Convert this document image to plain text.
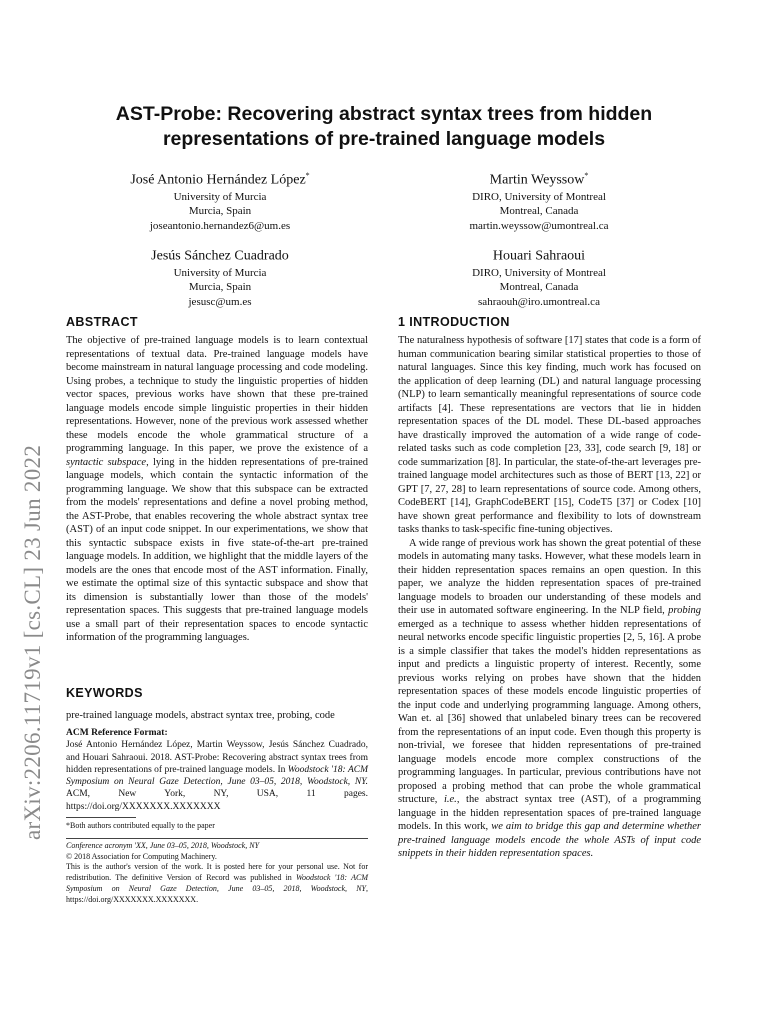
arXiv:2206.11719v1 [cs.CL] 23 Jun 2022
AST-Probe: Recovering abstract syntax trees from hidden representations of pre-trained language models
José Antonio Hernández López*
University of Murcia
Murcia, Spain
joseantonio.hernandez6@um.es
Martin Weyssow*
DIRO, University of Montreal
Montreal, Canada
martin.weyssow@umontreal.ca
Jesús Sánchez Cuadrado
University of Murcia
Murcia, Spain
jesusc@um.es
Houari Sahraoui
DIRO, University of Montreal
Montreal, Canada
sahraouh@iro.umontreal.ca
ABSTRACT

The objective of pre-trained language models is to learn contextual representations of textual data. Pre-trained language models have become mainstream in natural language processing and code modeling. Using probes, a technique to study the linguistic properties of hidden vector spaces, previous works have shown that these pre-trained language models encode simple linguistic properties in their hidden representations. However, none of the previous work assessed whether these models encode the whole grammatical structure of a programming language. In this paper, we prove the existence of a syntactic subspace, lying in the hidden representations of pre-trained language models, which contain the syntactic information of the programming language. We show that this subspace can be extracted from the models' representations and define a novel probing method, the AST-Probe, that enables recovering the whole abstract syntax tree (AST) of an input code snippet. In our experimentations, we show that this syntactic subspace exists in five state-of-the-art pre-trained language models. In addition, we highlight that the middle layers of the models are the ones that encode most of the AST information. Finally, we estimate the optimal size of this syntactic subspace and show that its dimension is substantially lower than those of the models' representation spaces. This suggests that pre-trained language models use a small part of their representation spaces to encode syntactic information of the programming languages.

KEYWORDS
pre-trained language models, abstract syntax tree, probing, code
ACM Reference Format:
José Antonio Hernández López, Martin Weyssow, Jesús Sánchez Cuadrado, and Houari Sahraoui. 2018. AST-Probe: Recovering abstract syntax trees from hidden representations of pre-trained language models. In Woodstock '18: ACM Symposium on Neural Gaze Detection, June 03–05, 2018, Woodstock, NY. ACM, New York, NY, USA, 11 pages. https://doi.org/XXXXXXX.XXXXXXX
*Both authors contributed equally to the paper
Conference acronym 'XX, June 03–05, 2018, Woodstock, NY
© 2018 Association for Computing Machinery.
This is the author's version of the work. It is posted here for your personal use. Not for redistribution. The definitive Version of Record was published in Woodstock '18: ACM Symposium on Neural Gaze Detection, June 03–05, 2018, Woodstock, NY, https://doi.org/XXXXXXX.XXXXXXX.
1 INTRODUCTION

The naturalness hypothesis of software [17] states that code is a form of human communication bearing similar statistical properties to those of natural languages. Since this key finding, much work has focused on the application of deep learning (DL) and natural language processing (NLP) to learn semantically meaningful representations of source code artifacts [4]. These representations are vectors that lie in hidden representation spaces of the DL model. These DL-based approaches have drastically improved the automation of a wide range of code-related tasks such as code completion [23, 33], code search [9, 18] or code summarization [8]. In particular, the state-of-the-art leverages pre-trained language model architectures such as those of BERT [13, 22] or GPT [7, 27, 28] to learn representations of source code. Among others, CodeBERT [14], GraphCodeBERT [15], CodeT5 [37] or Codex [10] have shown great performance and flexibility to lots of downstream tasks thanks to task-specific fine-tuning objectives.

A wide range of previous work has shown the great potential of these models in automating many tasks. However, what these models learn in their hidden representation spaces remains an open question. In this paper, we analyze the hidden representation spaces of pre-trained language models to broaden our understanding of these models and their use in automated software engineering. In the NLP field, probing emerged as a technique to assess whether hidden representations of neural networks encode specific linguistic properties [2, 5, 16]. A probe is a simple classifier that takes the model's hidden representations as input and predicts a linguistic property of interest. Recently, some previous works relying on probes have shown that the hidden representation spaces of these models encode linguistic properties of the input code and underlying programming language. Among others, Wan et. al [36] showed that unlabeled binary trees can be recovered from the representations of an input code. Even though this property is non-trivial, we foresee that hidden representations of pre-trained language models encode more complex constructions of the programming languages. In particular, previous contributions have not proposed a probing method that can probe the whole grammatical structure, i.e., the abstract syntax tree (AST), of a programming language in the hidden representation spaces of pre-trained language models. In this work, we aim to bridge this gap and determine whether pre-trained language models encode the whole ASTs of input code snippets in their hidden representation spaces.
